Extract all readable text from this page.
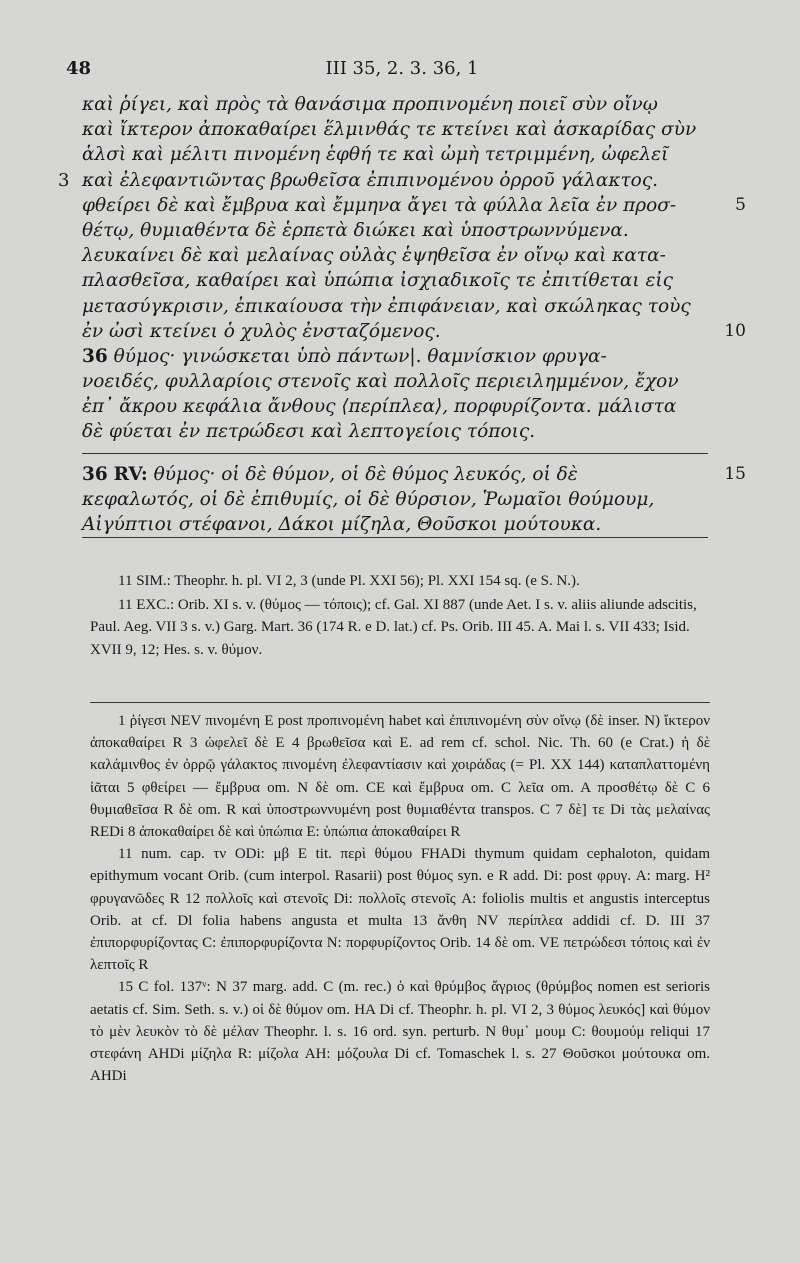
48	III 35, 2. 3. 36, 1
καὶ ῥίγει, καὶ πρὸς τὰ θανάσιμα προπινομένη ποιεῖ σὺν οἴνῳ
καὶ ἴκτερον ἀποκαθαίρει ἕλμινθάς τε κτείνει καὶ ἀσκαρίδας σὺν
ἁλσὶ καὶ μέλιτι πινομένη ἑφθή τε καὶ ὠμὴ τετριμμένη, ὠφελεῖ
3 καὶ ἐλεφαντιῶντας βρωθεῖσα ἐπιπινομένου ὀρροῦ γάλακτος.
φθείρει δὲ καὶ ἔμβρυα καὶ ἔμμηνα ἄγει τὰ φύλλα λεῖα ἐν προσ-	5
θέτῳ, θυμιαθέντα δὲ ἑρπετὰ διώκει καὶ ὑποστρωννύμενα.
λευκαίνει δὲ καὶ μελαίνας οὐλὰς ἑψηθεῖσα ἐν οἴνῳ καὶ κατα-
πλασθεῖσα, καθαίρει καὶ ὑπώπια ἰσχιαδικοῖς τε ἐπιτίθεται εἰς
μετασύγκρισιν, ἐπικαίουσα τὴν ἐπιφάνειαν, καὶ σκώληκας τοὺς
ἐν ὠσὶ κτείνει ὁ χυλὸς ἐνσταζόμενος.	10
36 θύμος· γινώσκεται ὑπὸ πάντων|. θαμνίσκιον φρυγα-
νοειδές, φυλλαρίοις στενοῖς καὶ πολλοῖς περιειλημμένον, ἔχον
ἐπ᾿ ἄκρου κεφάλια ἄνθους ⟨περίπλεα⟩, πορφυρίζοντα. μάλιστα
δὲ φύεται ἐν πετρώδεσι καὶ λεπτογείοις τόποις.
36 RV: θύμος· οἱ δὲ θύμον, οἱ δὲ θύμος λευκός, οἱ δὲ	15
κεφαλωτός, οἱ δὲ ἐπιθυμίς, οἱ δὲ θύρσιον, Ῥωμαῖοι θούμουμ,
Αἰγύπτιοι στέφανοι, Δάκοι μίζηλα, Θοῦσκοι μούτουκα.
11 SIM.: Theophr. h. pl. VI 2, 3 (unde Pl. XXI 56); Pl. XXI 154 sq. (e S. N.).
11 EXC.: Orib. XI s. v. (θύμος — τόποις); cf. Gal. XI 887 (unde Aet. I s. v. aliis aliunde adscitis, Paul. Aeg. VII 3 s. v.) Garg. Mart. 36 (174 R. e D. lat.) cf. Ps. Orib. III 45. A. Mai l. s. VII 433; Isid. XVII 9, 12; Hes. s. v. θύμον.
1 ῥίγεσι NEV πινομένη E post προπινομένη habet καὶ ἐπιπινομένη σὺν οἴνῳ (δὲ inser. N) ἴκτερον ἀποκαθαίρει R 3 ὠφελεῖ δὲ E 4 βρωθεῖσα καὶ E. ad rem cf. schol. Nic. Th. 60 (e Crat.) ἡ δὲ καλάμινθος ἐν ὀρρῷ γάλακτος πινομένη ἐλεφαντίασιν καὶ χοιράδας (= Pl. XX 144) καταπλαττομένη ἰᾶται 5 φθείρει — ἔμβρυα om. N δὲ om. CE καὶ ἔμβρυα om. C λεῖα om. A προσθέτῳ δὲ C 6 θυμιαθεῖσα R δὲ om. R καὶ ὑποστρωννυμένη post θυμιαθέντα transpos. C 7 δὲ] τε Di τὰς μελαίνας REDi 8 ἀποκαθαίρει δὲ καὶ ὑπώπια E: ὑπώπια ἀποκαθαίρει R
11 num. cap. τν ODi: μβ E tit. περὶ θύμου FHADi thymum quidam cephaloton, quidam epithymum vocant Orib. (cum interpol. Rasarii) post θύμος syn. e R add. Di: post φρυγ. A: marg. H² φρυγανῶδες R 12 πολλοῖς καὶ στενοῖς Di: πολλοῖς στενοῖς A: foliolis multis et angustis interceptus Orib. at cf. Dl folia habens angusta et multa 13 ἄνθη NV περίπλεα addidi cf. D. III 37 ἐπιπορφυρίζοντας C: ἐπιπορφυρίζοντα N: πορφυρίζοντος Orib. 14 δὲ om. VE πετρώδεσι τόποις καὶ ἐν λεπτοῖς R
15 C fol. 137ᵛ: N 37 marg. add. C (m. rec.) ὁ καὶ θρύμβος ἄγριος (θρύμβος nomen est serioris aetatis cf. Sim. Seth. s. v.) οἱ δὲ θύμον om. HA Di cf. Theophr. h. pl. VI 2, 3 θύμος λευκός] καὶ θύμον τὸ μὲν λευκὸν τὸ δὲ μέλαν Theophr. l. s. 16 ord. syn. perturb. N θυμ᾿ μουμ C: θουμούμ reliqui 17 στεφάνη AHDi μίζηλα R: μίζολα AH: μόζουλα Di cf. Tomaschek l. s. 27 Θοῦσκοι μούτουκα om. AHDi
